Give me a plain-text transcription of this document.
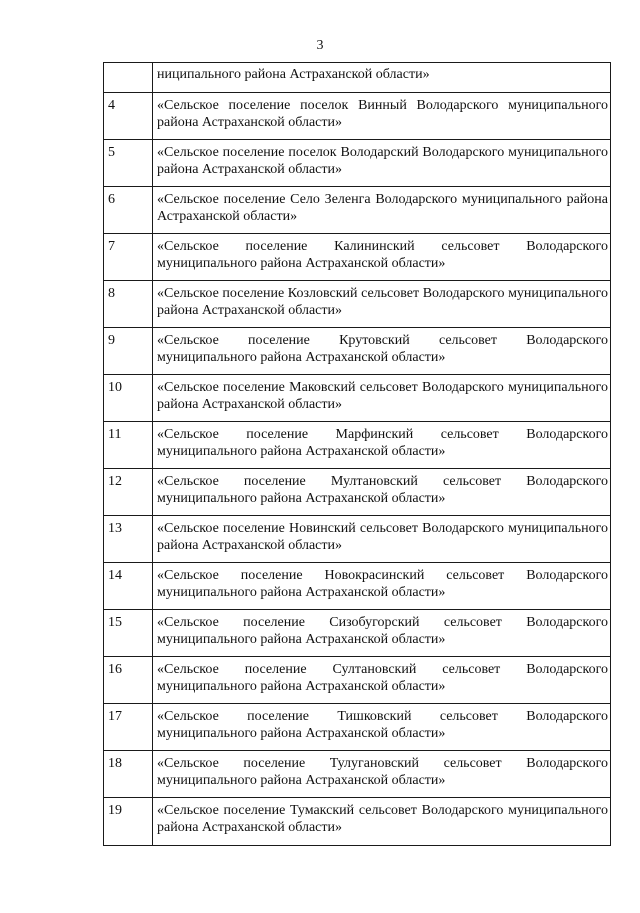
3
	ниципального района Астраханской области»
4	«Сельское поселение поселок Винный Володарского муниципального района Астраханской области»
5	«Сельское поселение поселок Володарский Володарского муниципального района Астраханской области»
6	«Сельское поселение Село Зеленга Володарского муниципального района Астраханской области»
7	«Сельское поселение Калининский сельсовет Володарского муниципального района Астраханской области»
8	«Сельское поселение Козловский сельсовет Володарского муниципального района Астраханской области»
9	«Сельское поселение Крутовский сельсовет Володарского муниципального района Астраханской области»
10	«Сельское поселение Маковский сельсовет Володарского муниципального района Астраханской области»
11	«Сельское поселение Марфинский сельсовет Володарского муниципального района Астраханской области»
12	«Сельское поселение Мултановский сельсовет Володарского муниципального района Астраханской области»
13	«Сельское поселение Новинский сельсовет Володарского муниципального района Астраханской области»
14	«Сельское поселение Новокрасинский сельсовет Володарского муниципального района Астраханской области»
15	«Сельское поселение Сизобугорский сельсовет Володарского муниципального района Астраханской области»
16	«Сельское поселение Султановский сельсовет Володарского муниципального района Астраханской области»
17	«Сельское поселение Тишковский сельсовет Володарского муниципального района Астраханской области»
18	«Сельское поселение Тулугановский сельсовет Володарского муниципального района Астраханской области»
19	«Сельское поселение Тумакский сельсовет Володарского муниципального района Астраханской области»
